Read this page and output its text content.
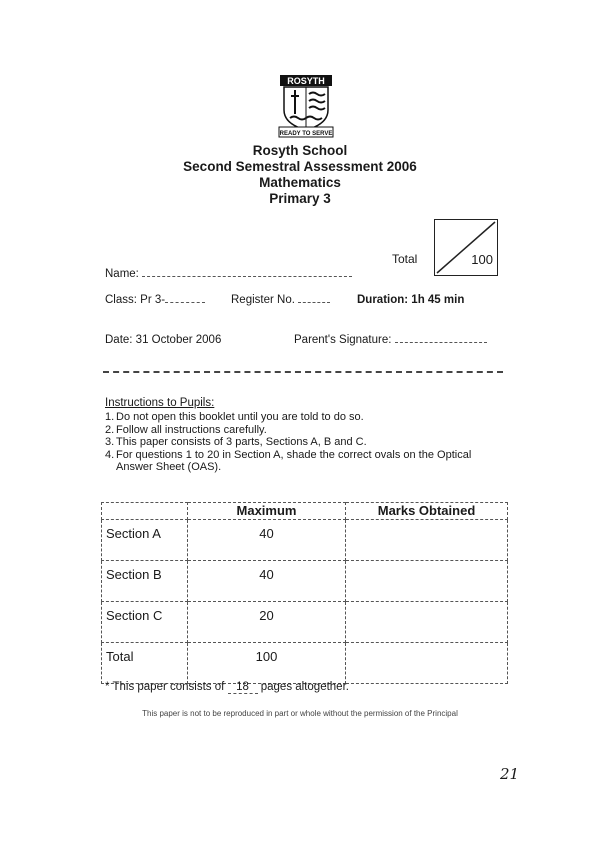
ROSYTH
READY TO SERVE
Rosyth School
Second Semestral Assessment 2006
Mathematics
Primary 3
Total	100
Name:
Class: Pr 3-	Register No.	Duration: 1h 45 min
Date: 31 October 2006	Parent's Signature:
Instructions to Pupils:
1. Do not open this booklet until you are told to do so.
2. Follow all instructions carefully.
3. This paper consists of 3 parts, Sections A, B and C.
4. For questions 1 to 20 in Section A, shade the correct ovals on the Optical Answer Sheet (OAS).
	Maximum	Marks Obtained
Section A	40	
Section B	40	
Section C	20	
Total	100	
* This paper consists of 18 pages altogether.
This paper is not to be reproduced in part or whole without the permission of the Principal
21
